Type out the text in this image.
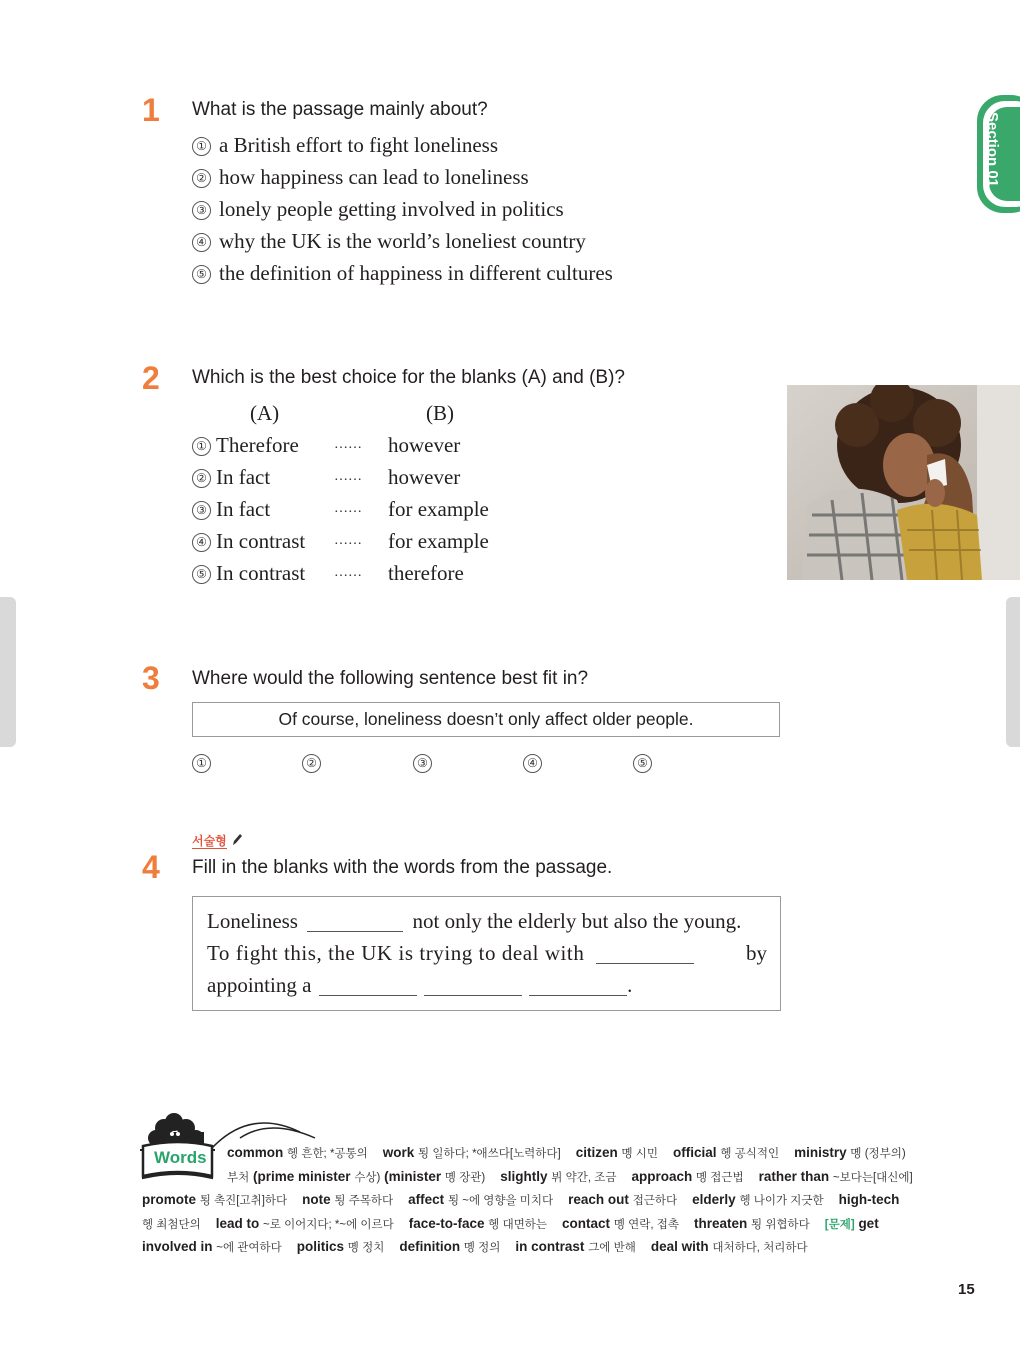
Section 01
1 What is the passage mainly about?
① a British effort to fight loneliness
② how happiness can lead to loneliness
③ lonely people getting involved in politics
④ why the UK is the world’s loneliest country
⑤ the definition of happiness in different cultures
2 Which is the best choice for the blanks (A) and (B)?
(A)	(B)
① Therefore	…… however
② In fact	…… however
③ In fact	…… for example
④ In contrast …… for example
⑤ In contrast …… therefore
3 Where would the following sentence best fit in?
Of course, loneliness doesn’t only affect older people.
①	②	③	④	⑤
서술형
4 Fill in the blanks with the words from the passage.
Loneliness	not only the elderly but also the young.
To fight this, the UK is trying to deal with	by
appointing a	.
Words	common 혱 흔한; *공통의 work 툉 일하다; *애쓰다[노력하다] citizen 몡 시민 official 혱 공식적인 ministry 몡 (정부의)
부처 (prime minister 수상) (minister 몡 장관) slightly 뷔 약간, 조금 approach 몡 접근법 rather than ~보다는[대신에]
promote 툉 촉진[고취]하다 note 툉 주목하다 affect 툉 ~에 영향을 미치다 reach out 접근하다 elderly 혱 나이가 지긋한 high-tech
혱 최첨단의 lead to ~로 이어지다; *~에 이르다 face-to-face 혱 대면하는 contact 몡 연락, 접촉 threaten 툉 위협하다 [문제] get
involved in ~에 관여하다 politics 몡 정치 definition 몡 정의 in contrast 그에 반해 deal with 대처하다, 처리하다
15
